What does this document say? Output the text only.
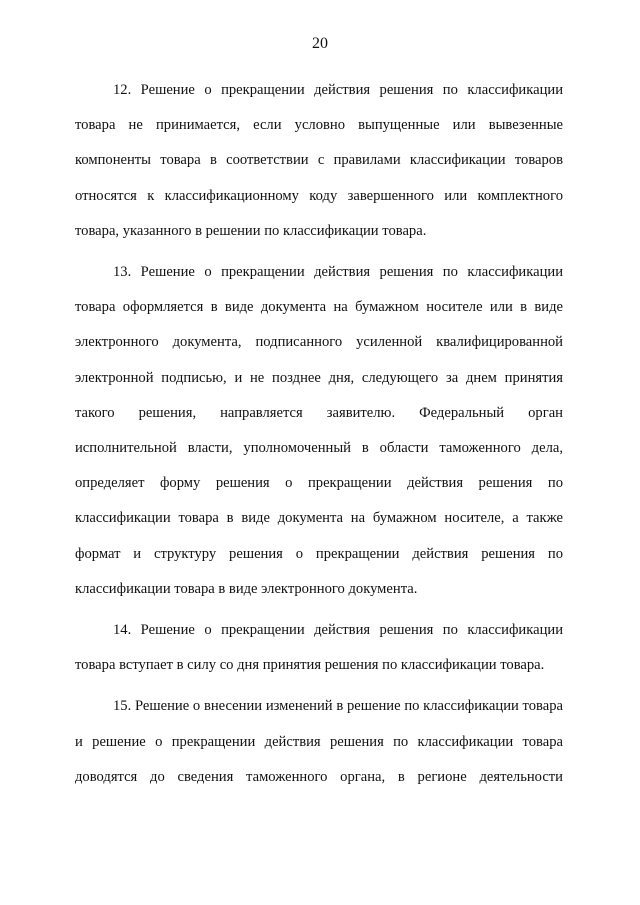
20

12. Решение о прекращении действия решения по классификации товара не принимается, если условно выпущенные или вывезенные компоненты товара в соответствии с правилами классификации товаров относятся к классификационному коду завершенного или комплектного товара, указанного в решении по классификации товара.

13. Решение о прекращении действия решения по классификации товара оформляется в виде документа на бумажном носителе или в виде электронного документа, подписанного усиленной квалифицированной электронной подписью, и не позднее дня, следующего за днем принятия такого решения, направляется заявителю. Федеральный орган исполнительной власти, уполномоченный в области таможенного дела, определяет форму решения о прекращении действия решения по классификации товара в виде документа на бумажном носителе, а также формат и структуру решения о прекращении действия решения по классификации товара в виде электронного документа.

14. Решение о прекращении действия решения по классификации товара вступает в силу со дня принятия решения по классификации товара.

15. Решение о внесении изменений в решение по классификации товара и решение о прекращении действия решения по классификации товара доводятся до сведения таможенного органа, в регионе деятельности
